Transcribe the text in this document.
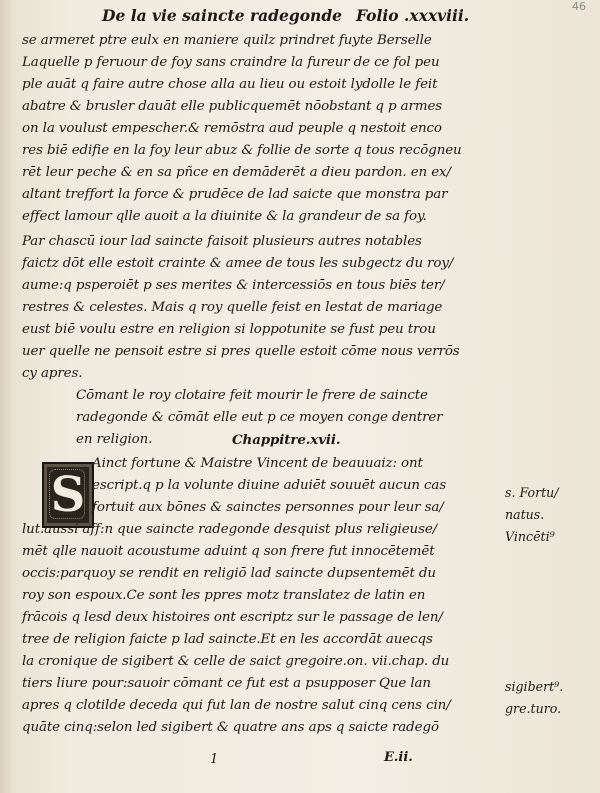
46
De la vie saincte radegonde Folio .xxxviii.
se armeret ptre eulx en maniere quilz prindret fuyte Berselle
Laquelle p feruour de foy sans craindre la fureur de ce fol peu
ple auāt q faire autre chose alla au lieu ou estoit lydolle le feit
abatre & brusler dauāt elle publicquemēt nōobstant q p armes
on la voulust empescher.& remōstra aud peuple q nestoit enco
res biē edifie en la foy leur abuz & follie de sorte q tous recōgneu
rēt leur peche & en sa pñce en demāderēt a dieu pardon. en ex/
altant treffort la force & prudēce de lad saicte que monstra par
effect lamour qlle auoit a la diuinite & la grandeur de sa foy.
Par chascū iour lad saincte faisoit plusieurs autres notables
faictz dōt elle estoit crainte & amee de tous les subgectz du roy/
aume:q psperoiēt p ses merites & intercessiōs en tous biēs ter/
restres & celestes. Mais q roy quelle feist en lestat de mariage
eust biē voulu estre en religion si loppotunite se fust peu trou
uer quelle ne pensoit estre si pres quelle estoit cōme nous verrōs
cy apres.
Cōmant le roy clotaire feit mourir le frere de saincte
radegonde & cōmāt elle eut p ce moyen conge dentrer
en religion.	Chappitre.xvii.
S
Ainct fortune & Maistre Vincent de beauuaiz: ont
escript.q p la volunte diuine aduiēt souuēt aucun cas
fortuit aux bōnes & sainctes personnes pour leur sa/
lut.aussi aff:n que saincte radegonde desquist plus religieuse/
mēt qlle nauoit acoustume aduint q son frere fut innocētemēt
occis:parquoy se rendit en religiō lad saincte dupsentemēt du
roy son espoux.Ce sont les ppres motz translatez de latin en
frācois q lesd deux histoires ont escriptz sur le passage de len/
tree de religion faicte p lad saincte.Et en les accordāt auecqs
la cronique de sigibert & celle de saict gregoire.on. vii.chap. du
tiers liure pour:sauoir cōmant ce fut est a psupposer Que lan
apres q clotilde deceda qui fut lan de nostre salut cinq cens cin/
quāte cinq:selon led sigibert & quatre ans aps q saicte radegō
s. Fortu/
natus.
Vincēti⁹
sigibert⁹.
gre.turo.
1	E.ii.
